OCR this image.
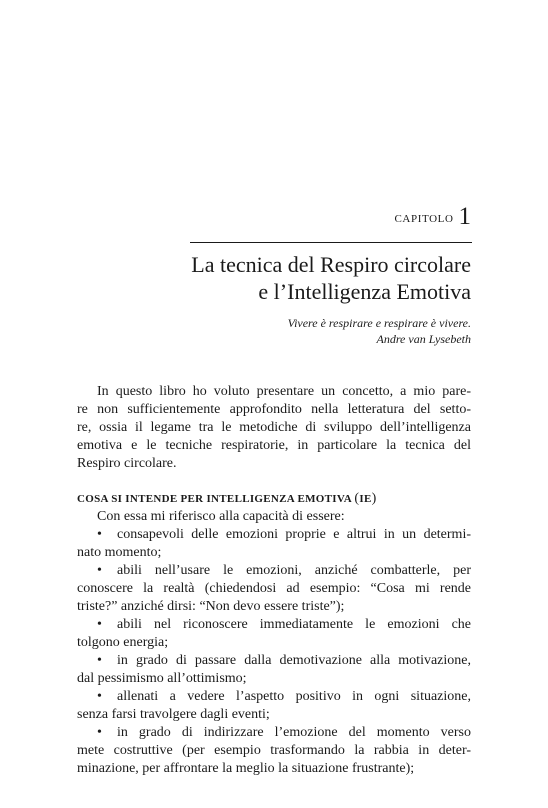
CAPITOLO 1
La tecnica del Respiro circolare
e l’Intelligenza Emotiva
Vivere è respirare e respirare è vivere.
Andre van Lysebeth
In questo libro ho voluto presentare un concetto, a mio pare-
re non sufficientemente approfondito nella letteratura del setto-
re, ossia il legame tra le metodiche di sviluppo dell’intelligenza
emotiva e le tecniche respiratorie, in particolare la tecnica del
Respiro circolare.
COSA SI INTENDE PER INTELLIGENZA EMOTIVA (IE)
Con essa mi riferisco alla capacità di essere:
• consapevoli delle emozioni proprie e altrui in un determi-
nato momento;
• abili nell’usare le emozioni, anziché combatterle, per
conoscere la realtà (chiedendosi ad esempio: “Cosa mi rende
triste?” anziché dirsi: “Non devo essere triste”);
• abili nel riconoscere immediatamente le emozioni che
tolgono energia;
• in grado di passare dalla demotivazione alla motivazione,
dal pessimismo all’ottimismo;
• allenati a vedere l’aspetto positivo in ogni situazione,
senza farsi travolgere dagli eventi;
• in grado di indirizzare l’emozione del momento verso
mete costruttive (per esempio trasformando la rabbia in deter-
minazione, per affrontare la meglio la situazione frustrante);
